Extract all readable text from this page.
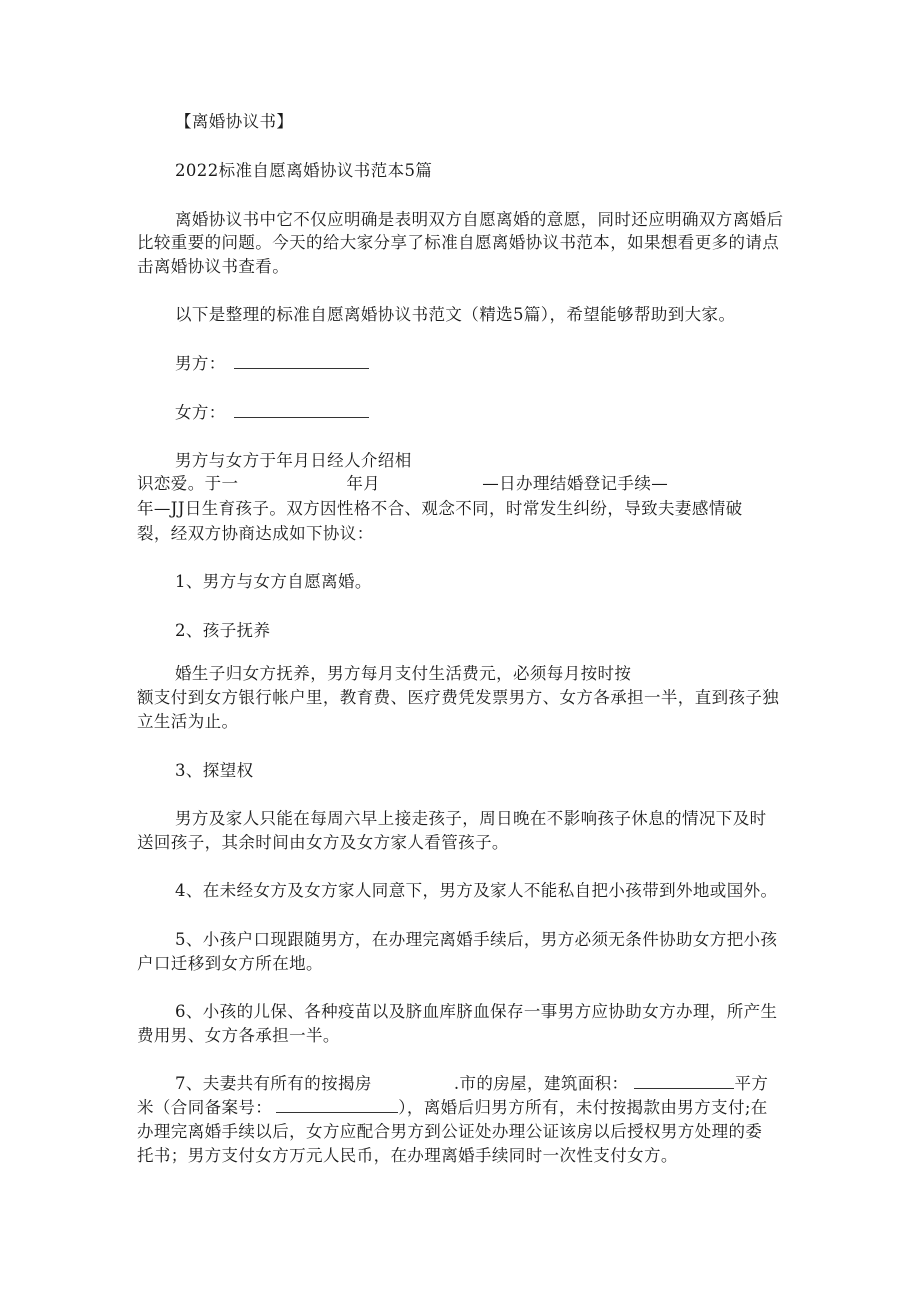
【离婚协议书】
2022标准自愿离婚协议书范本5篇
离婚协议书中它不仅应明确是表明双方自愿离婚的意愿，同时还应明确双方离婚后
比较重要的问题。今天的给大家分享了标准自愿离婚协议书范本，如果想看更多的请点
击离婚协议书查看。
以下是整理的标准自愿离婚协议书范文（精选5篇），希望能够帮助到大家。
男方：
女方：
男方与女方于年月日经人介绍相
识恋爱。于一	年月	—日办理结婚登记手续—
年—JJ日生育孩子。双方因性格不合、观念不同，时常发生纠纷，导致夫妻感情破
裂，经双方协商达成如下协议：
1、男方与女方自愿离婚。
2、孩子抚养
婚生子归女方抚养，男方每月支付生活费元，必须每月按时按
额支付到女方银行帐户里，教育费、医疗费凭发票男方、女方各承担一半，直到孩子独
立生活为止。
3、探望权
男方及家人只能在每周六早上接走孩子，周日晚在不影响孩子休息的情况下及时
送回孩子，其余时间由女方及女方家人看管孩子。
4、在未经女方及女方家人同意下，男方及家人不能私自把小孩带到外地或国外。
5、小孩户口现跟随男方，在办理完离婚手续后，男方必须无条件协助女方把小孩
户口迁移到女方所在地。
6、小孩的儿保、各种疫苗以及脐血库脐血保存一事男方应协助女方办理，所产生
费用男、女方各承担一半。
7、夫妻共有所有的按揭房	.市的房屋，建筑面积：	平方
米（合同备案号：	），离婚后归男方所有，未付按揭款由男方支付;在
办理完离婚手续以后，女方应配合男方到公证处办理公证该房以后授权男方处理的委
托书；男方支付女方万元人民币，在办理离婚手续同时一次性支付女方。
